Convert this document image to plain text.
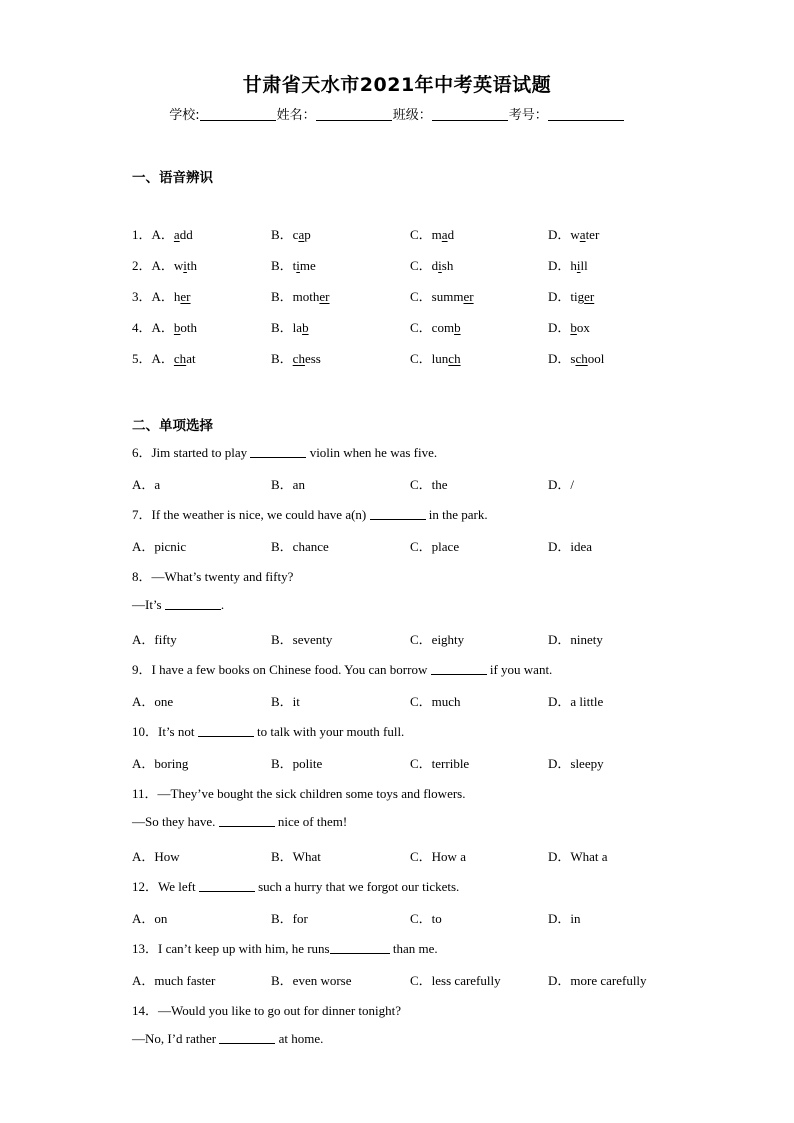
甘肃省天水市2021年中考英语试题
学校:	姓名：	班级：	考号：
一、语音辨识
1．A．add	B．cap	C．mad	D．water
2．A．with	B．time	C．dish	D．hill
3．A．her	B．mother	C．summer	D．tiger
4．A．both	B．lab	C．comb	D．box
5．A．chat	B．chess	C．lunch	D．school
二、单项选择
6．Jim started to play	violin when he was five.
A．a	B．an	C．the	D．/
7．If the weather is nice, we could have a(n)	in the park.
A．picnic	B．chance	C．place	D．idea
8．—What’s twenty and fifty?
—It’s	.
A．fifty	B．seventy	C．eighty	D．ninety
9．I have a few books on Chinese food. You can borrow	if you want.
A．one	B．it	C．much	D．a little
10．It’s not	to talk with your mouth full.
A．boring	B．polite	C．terrible	D．sleepy
11．—They’ve bought the sick children some toys and flowers.
—So they have.	nice of them!
A．How	B．What	C．How a	D．What a
12．We left	such a hurry that we forgot our tickets.
A．on	B．for	C．to	D．in
13．I can’t keep up with him, he runs	than me.
A．much faster	B．even worse	C．less carefully	D．more carefully
14．—Would you like to go out for dinner tonight?
—No, I’d rather	at home.
